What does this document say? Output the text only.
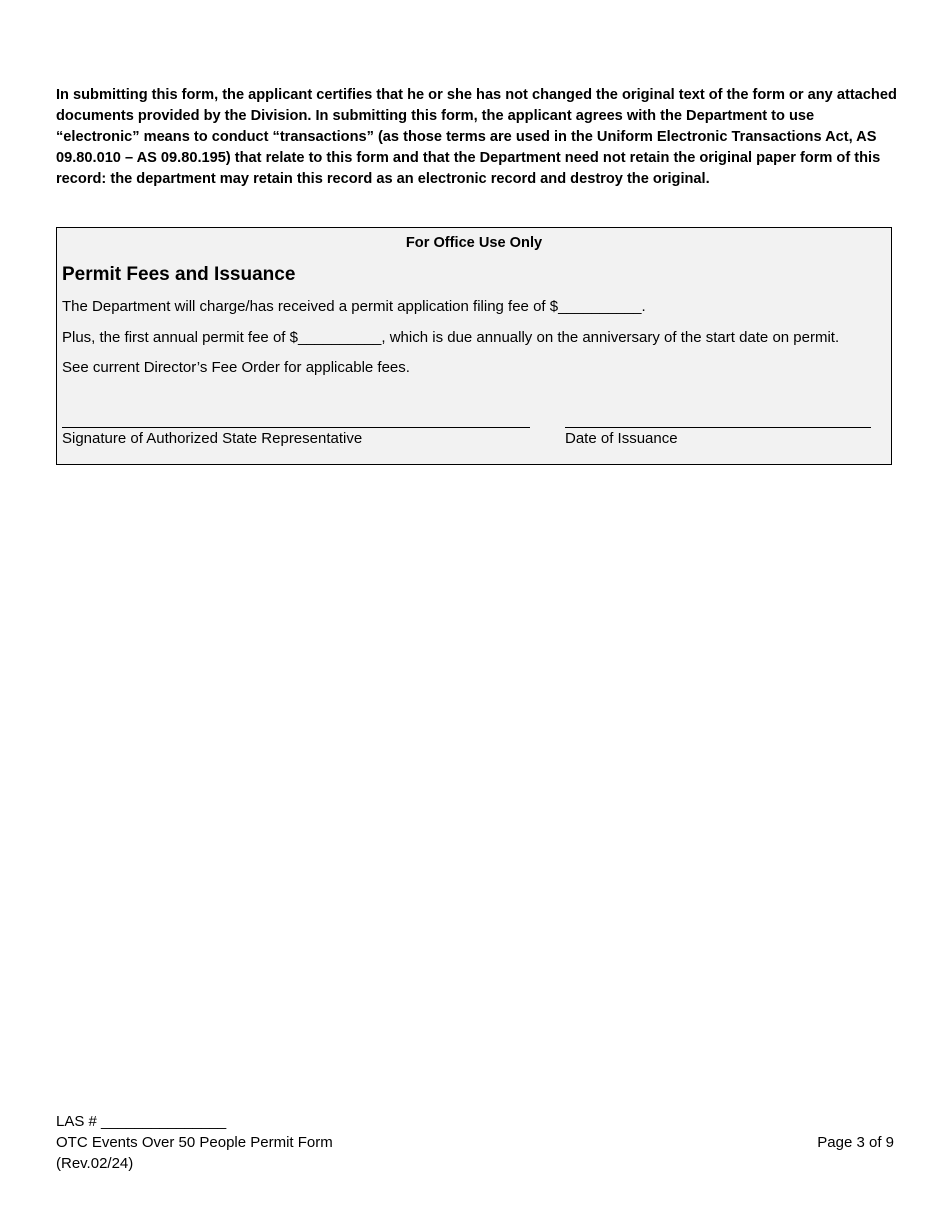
In submitting this form, the applicant certifies that he or she has not changed the original text of the form or any attached documents provided by the Division. In submitting this form, the applicant agrees with the Department to use “electronic” means to conduct “transactions” (as those terms are used in the Uniform Electronic Transactions Act, AS 09.80.010 – AS 09.80.195) that relate to this form and that the Department need not retain the original paper form of this record: the department may retain this record as an electronic record and destroy the original.

For Office Use Only
Permit Fees and Issuance
The Department will charge/has received a permit application filing fee of $__________.
Plus, the first annual permit fee of $__________, which is due annually on the anniversary of the start date on permit.
See current Director’s Fee Order for applicable fees.
Signature of Authorized State Representative	Date of Issuance
LAS # _______________
OTC Events Over 50 People Permit Form
(Rev.02/24)
Page 3 of 9
